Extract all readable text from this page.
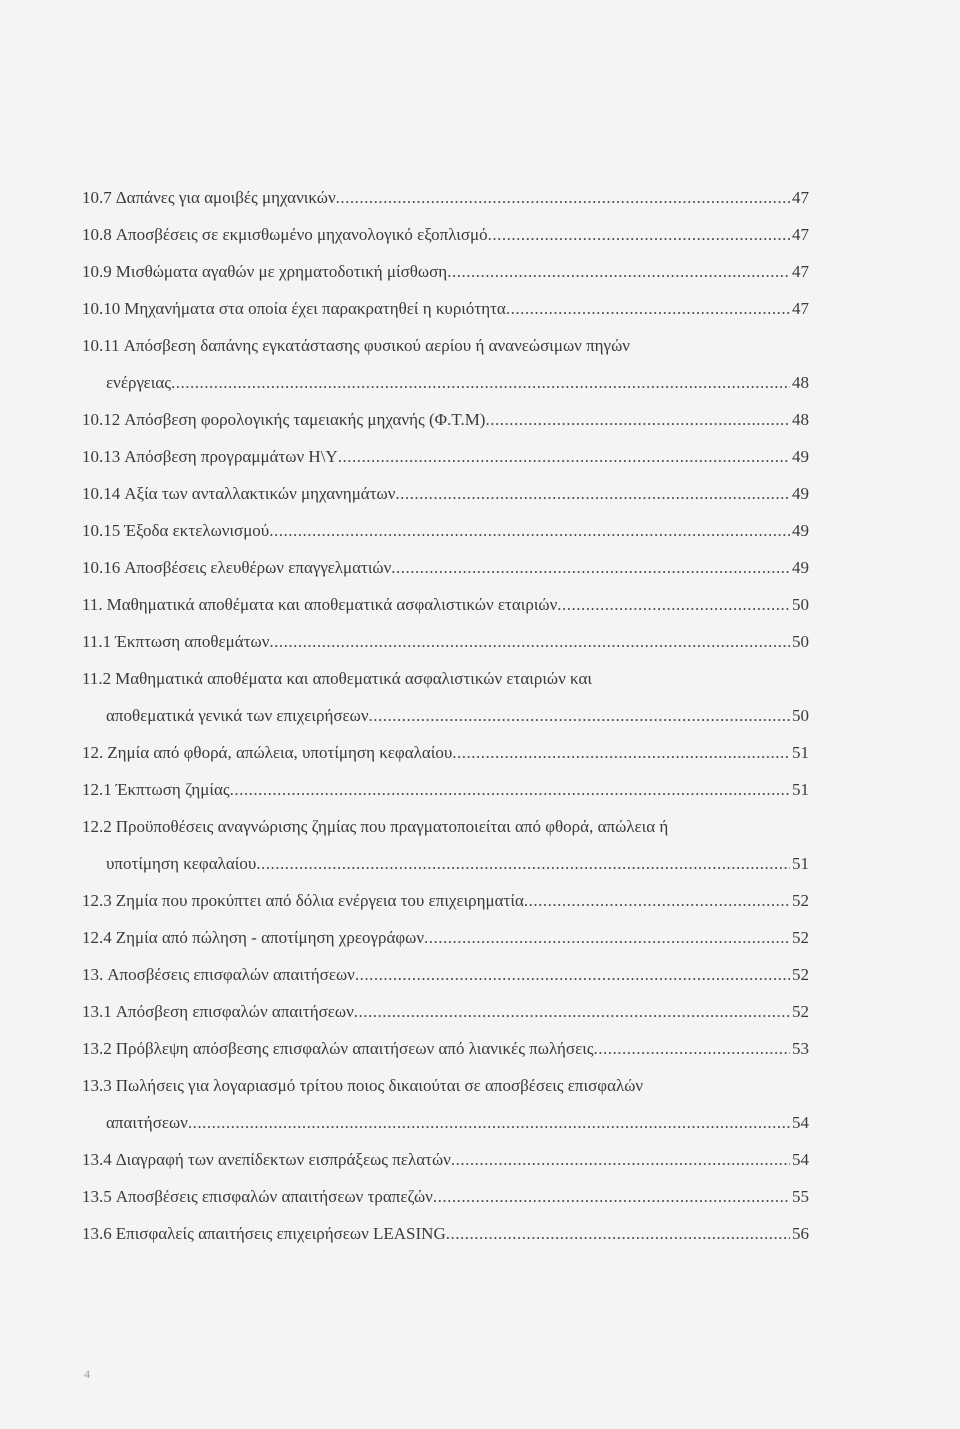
10.7 Δαπάνες για αμοιβές μηχανικών .....	47
10.8 Αποσβέσεις σε εκμισθωμένο μηχανολογικό εξοπλισμό .....	47
10.9 Μισθώματα αγαθών με χρηματοδοτική μίσθωση .....	47
10.10 Μηχανήματα στα οποία έχει παρακρατηθεί η κυριότητα .....	47
10.11 Απόσβεση δαπάνης εγκατάστασης φυσικού αερίου ή ανανεώσιμων πηγών
ενέργειας .....	48
10.12 Απόσβεση φορολογικής ταμειακής μηχανής (Φ.Τ.Μ) .....	48
10.13 Απόσβεση προγραμμάτων Η\Υ .....	49
10.14 Αξία των ανταλλακτικών μηχανημάτων .....	49
10.15 Έξοδα εκτελωνισμού .....	49
10.16 Αποσβέσεις ελευθέρων επαγγελματιών .....	49
11. Μαθηματικά αποθέματα και αποθεματικά ασφαλιστικών εταιριών .....	50
11.1 Έκπτωση αποθεμάτων .....	50
11.2 Μαθηματικά αποθέματα και αποθεματικά ασφαλιστικών εταιριών και
αποθεματικά γενικά των επιχειρήσεων .....	50
12. Ζημία από φθορά, απώλεια, υποτίμηση κεφαλαίου .....	51
12.1 Έκπτωση ζημίας .....	51
12.2 Προϋποθέσεις αναγνώρισης ζημίας που πραγματοποιείται από φθορά, απώλεια ή
υποτίμηση κεφαλαίου .....	51
12.3 Ζημία που προκύπτει από δόλια ενέργεια του επιχειρηματία .....	52
12.4 Ζημία από πώληση - αποτίμηση χρεογράφων .....	52
13. Αποσβέσεις επισφαλών απαιτήσεων .....	52
13.1 Απόσβεση επισφαλών απαιτήσεων .....	52
13.2 Πρόβλεψη απόσβεσης επισφαλών απαιτήσεων από λιανικές πωλήσεις .....	53
13.3 Πωλήσεις για λογαριασμό τρίτου ποιος δικαιούται σε αποσβέσεις επισφαλών
απαιτήσεων .....	54
13.4 Διαγραφή των ανεπίδεκτων εισπράξεως πελατών .....	54
13.5 Αποσβέσεις επισφαλών απαιτήσεων τραπεζών .....	55
13.6 Επισφαλείς απαιτήσεις επιχειρήσεων LEASING .....	56
4
